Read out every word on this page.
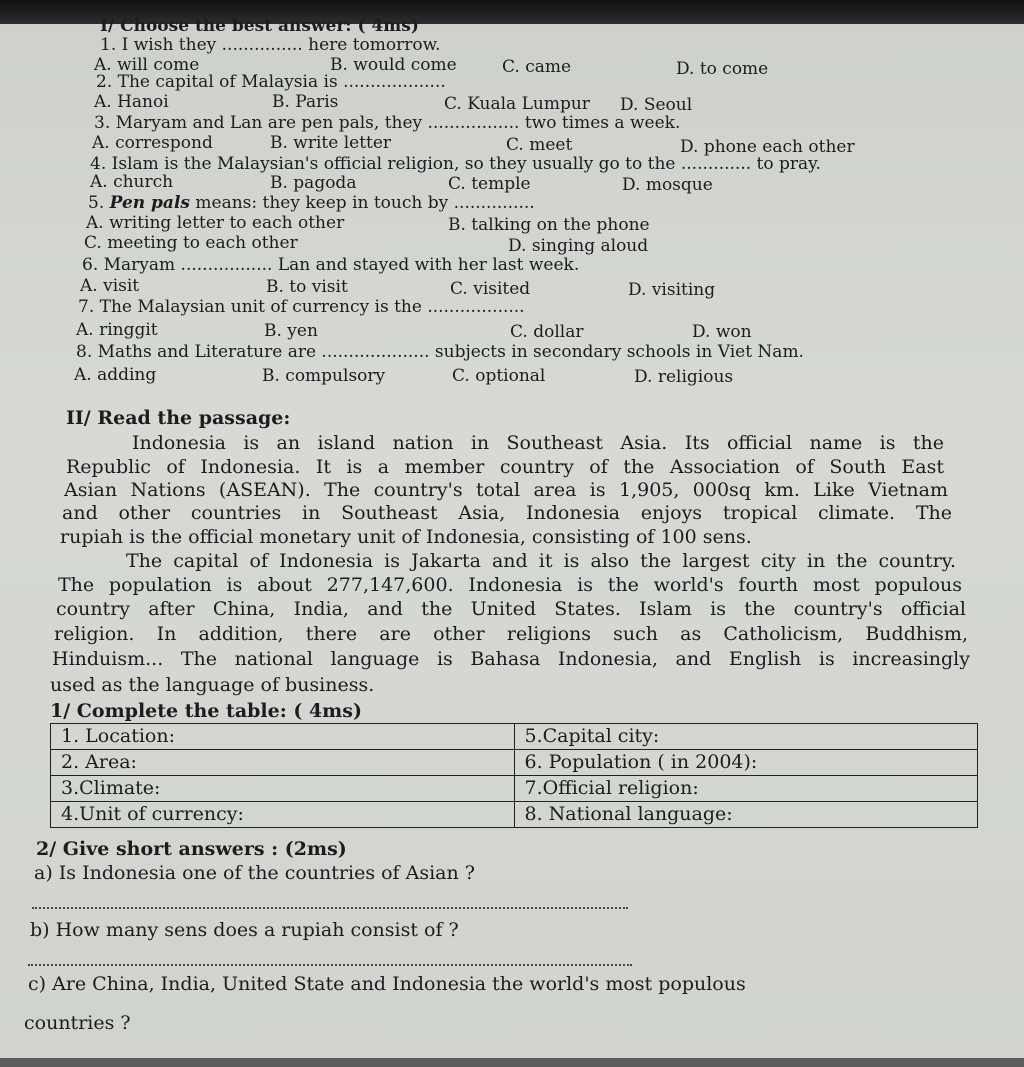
I/ Choose the best answer: ( 4ms)
1. I wish they ............... here tomorrow.
A. will come	B. would come	C. came	D. to come
2. The capital of Malaysia is ...................
A. Hanoi	B. Paris	C. Kuala Lumpur D. Seoul
3. Maryam and Lan are pen pals, they ................. two times a week.
A. correspond	B. write letter	C. meet	D. phone each other
4. Islam is the Malaysian's official religion, so they usually go to the ............. to pray.
A. church	B. pagoda	C. temple	D. mosque
5. Pen pals means: they keep in touch by ...............
A. writing letter to each other	B. talking on the phone
C. meeting to each other	D. singing aloud
6. Maryam ................. Lan and stayed with her last week.
A. visit	B. to visit	C. visited	D. visiting
7. The Malaysian unit of currency is the ..................
A. ringgit	B. yen	C. dollar	D. won
8. Maths and Literature are .................... subjects in secondary schools in Viet Nam.
A. adding	B. compulsory	C. optional	D. religious
II/ Read the passage:
Indonesia is an island nation in Southeast Asia. Its official name is the
Republic of Indonesia. It is a member country of the Association of South East
Asian Nations (ASEAN). The country's total area is 1,905, 000sq km. Like Vietnam
and other countries in Southeast Asia, Indonesia enjoys tropical climate. The
rupiah is the official monetary unit of Indonesia, consisting of 100 sens.
The capital of Indonesia is Jakarta and it is also the largest city in the country.
The population is about 277,147,600. Indonesia is the world's fourth most populous
country after China, India, and the United States. Islam is the country's official
religion. In addition, there are other religions such as Catholicism, Buddhism,
Hinduism... The national language is Bahasa Indonesia, and English is increasingly
used as the language of business.
1/ Complete the table: ( 4ms)
1. Location:	5.Capital city:
2. Area:	6. Population ( in 2004):
3.Climate:	7.Official religion:
4.Unit of currency:	8. National language:
2/ Give short answers : (2ms)
a) Is Indonesia one of the countries of Asian ?
b) How many sens does a rupiah consist of ?
c) Are China, India, United State and Indonesia the world's most populous
countries ?
